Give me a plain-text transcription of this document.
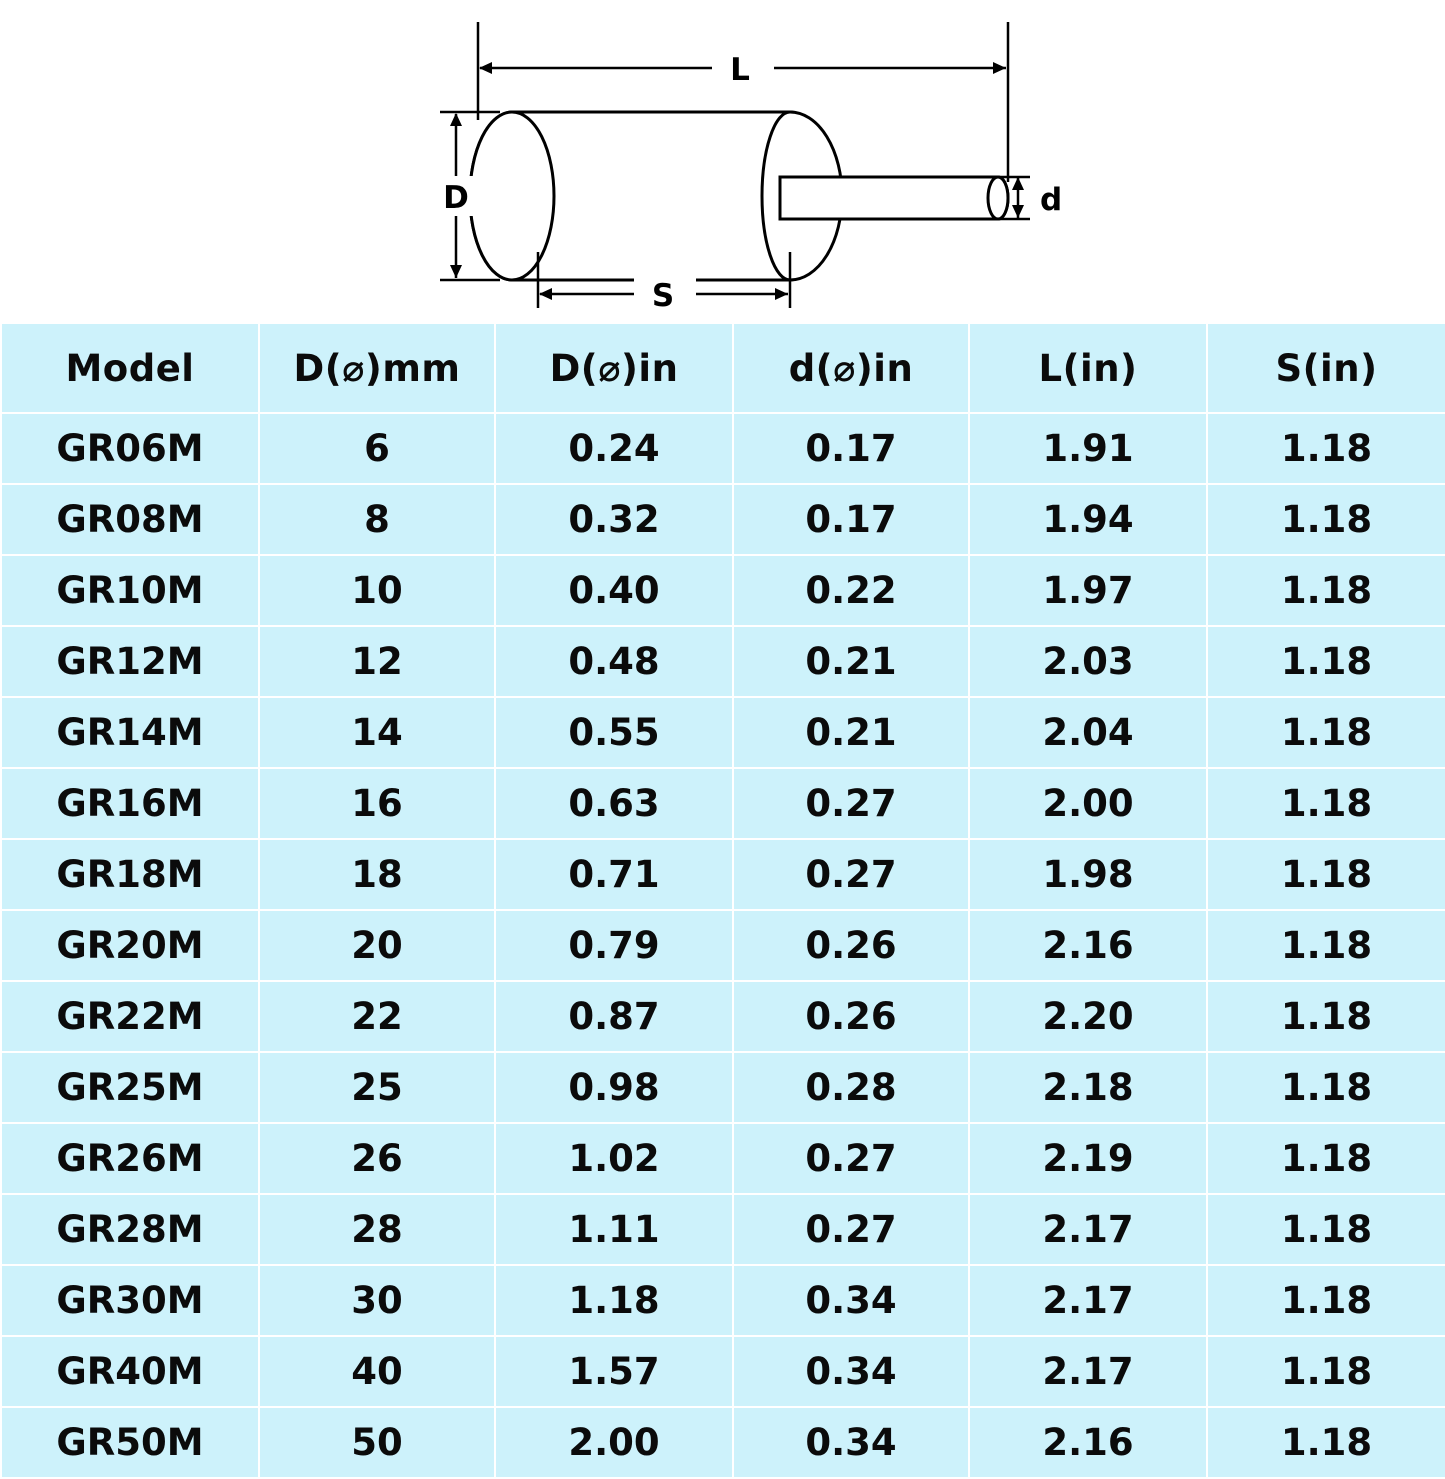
L
D	d
S
Model	D(⌀)mm	D(⌀)in	d(⌀)in	L(in)	S(in)
GR06M	6	0.24	0.17	1.91	1.18
GR08M	8	0.32	0.17	1.94	1.18
GR10M	10	0.40	0.22	1.97	1.18
GR12M	12	0.48	0.21	2.03	1.18
GR14M	14	0.55	0.21	2.04	1.18
GR16M	16	0.63	0.27	2.00	1.18
GR18M	18	0.71	0.27	1.98	1.18
GR20M	20	0.79	0.26	2.16	1.18
GR22M	22	0.87	0.26	2.20	1.18
GR25M	25	0.98	0.28	2.18	1.18
GR26M	26	1.02	0.27	2.19	1.18
GR28M	28	1.11	0.27	2.17	1.18
GR30M	30	1.18	0.34	2.17	1.18
GR40M	40	1.57	0.34	2.17	1.18
GR50M	50	2.00	0.34	2.16	1.18
